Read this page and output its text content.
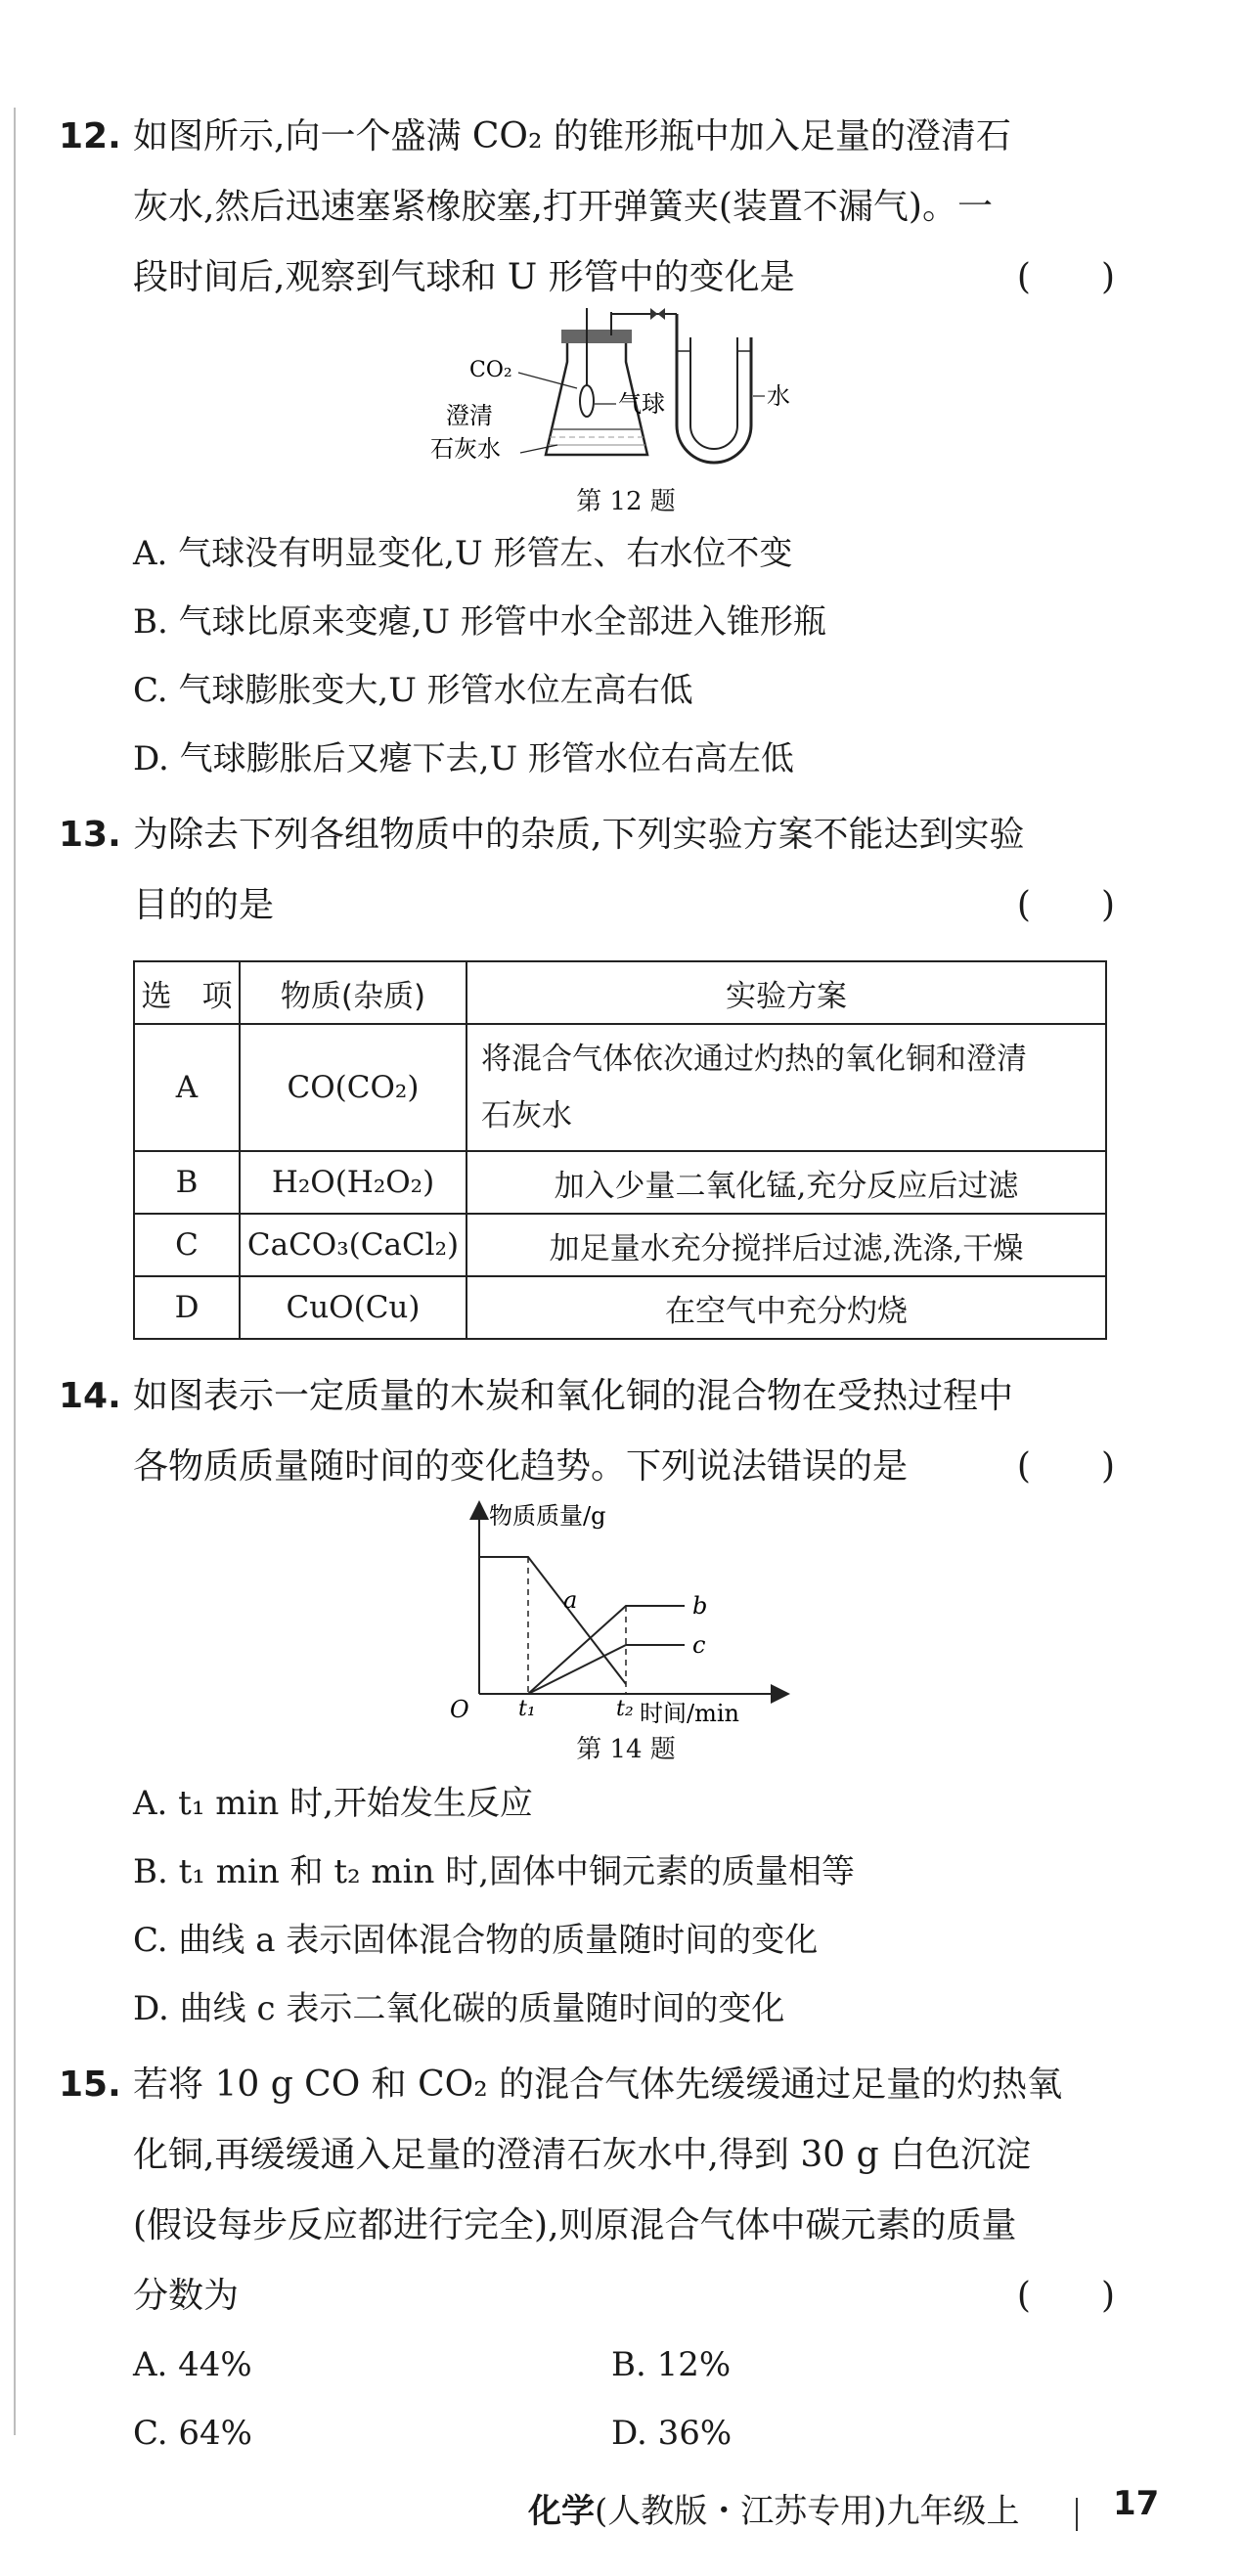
12. 如图所示,向一个盛满 CO₂ 的锥形瓶中加入足量的澄清石
灰水,然后迅速塞紧橡胶塞,打开弹簧夹(装置不漏气)。一
段时间后,观察到气球和 U 形管中的变化是	(　　)
CO₂
澄清
石灰水
气球	水
第 12 题
A. 气球没有明显变化,U 形管左、右水位不变
B. 气球比原来变瘪,U 形管中水全部进入锥形瓶
C. 气球膨胀变大,U 形管水位左高右低
D. 气球膨胀后又瘪下去,U 形管水位右高左低
13. 为除去下列各组物质中的杂质,下列实验方案不能达到实验
目的的是	(　　)
选　项	物质(杂质)	实验方案
A	CO(CO₂)	将混合气体依次通过灼热的氧化铜和澄清
石灰水

B	H₂O(H₂O₂)	加入少量二氧化锰,充分反应后过滤
C	CaCO₃(CaCl₂)	加足量水充分搅拌后过滤,洗涤,干燥
D	CuO(Cu)	在空气中充分灼烧
14. 如图表示一定质量的木炭和氧化铜的混合物在受热过程中
各物质质量随时间的变化趋势。下列说法错误的是	(　　)
物质质量/g
时间/min
O t₁	t₂
a	b
c
第 14 题
A. t₁ min 时,开始发生反应
B. t₁ min 和 t₂ min 时,固体中铜元素的质量相等
C. 曲线 a 表示固体混合物的质量随时间的变化
D. 曲线 c 表示二氧化碳的质量随时间的变化
15. 若将 10 g CO 和 CO₂ 的混合气体先缓缓通过足量的灼热氧
化铜,再缓缓通入足量的澄清石灰水中,得到 30 g 白色沉淀
(假设每步反应都进行完全),则原混合气体中碳元素的质量
分数为	(　　)
A. 44%	B. 12%
C. 64%	D. 36%
化学(人教版・江苏专用)九年级上	17
